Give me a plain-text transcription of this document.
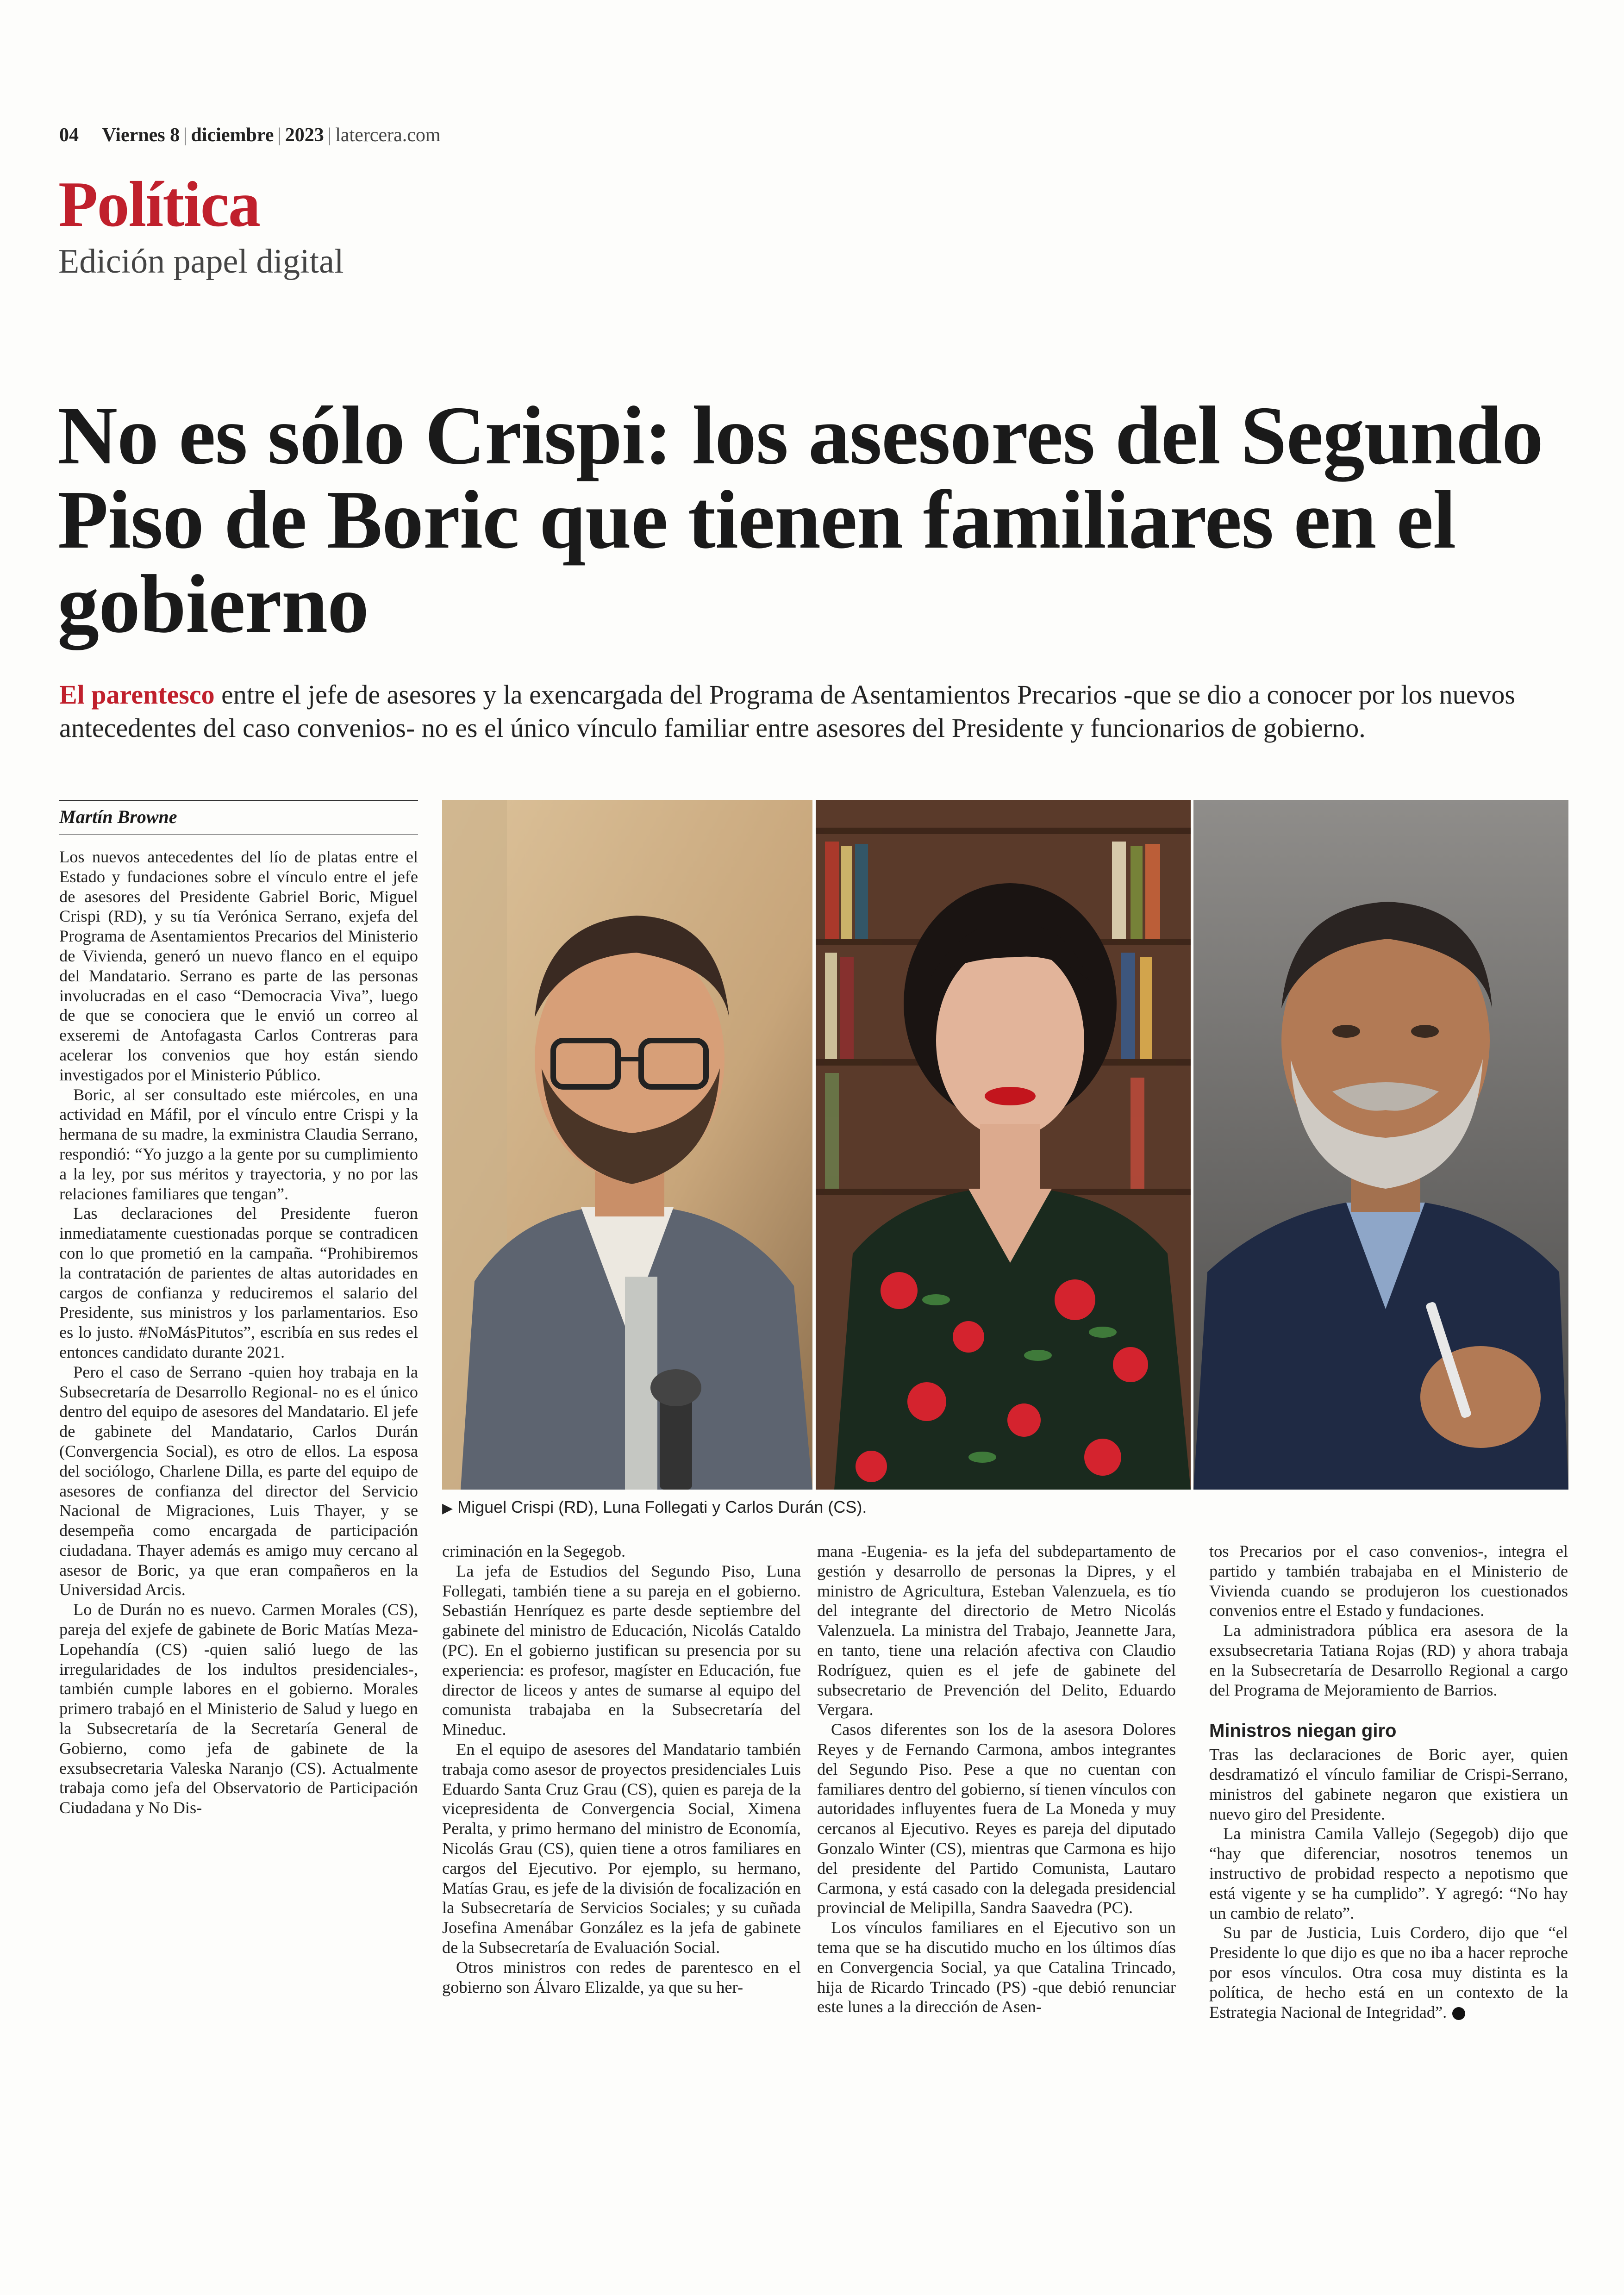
04 Viernes 8 | diciembre | 2023 | latercera.com
Política
Edición papel digital
No es sólo Crispi: los asesores del Segundo Piso de Boric que tienen familiares en el gobierno
El parentesco entre el jefe de asesores y la exencargada del Programa de Asentamientos Precarios -que se dio a conocer por los nuevos antecedentes del caso convenios- no es el único vínculo familiar entre asesores del Presidente y funcionarios de gobierno.
Martín Browne

Los nuevos antecedentes del lío de platas entre el Estado y fundaciones sobre el vínculo entre el jefe de asesores del Presidente Gabriel Boric, Miguel Crispi (RD), y su tía Verónica Serrano, exjefa del Programa de Asentamientos Precarios del Ministerio de Vivienda, generó un nuevo flanco en el equipo del Mandatario. Serrano es parte de las personas involucradas en el caso “Democracia Viva”, luego de que se conociera que le envió un correo al exseremi de Antofagasta Carlos Contreras para acelerar los convenios que hoy están siendo investigados por el Ministerio Público.

Boric, al ser consultado este miércoles, en una actividad en Máfil, por el vínculo entre Crispi y la hermana de su madre, la exministra Claudia Serrano, respondió: “Yo juzgo a la gente por su cumplimiento a la ley, por sus méritos y trayectoria, y no por las relaciones familiares que tengan”.

Las declaraciones del Presidente fueron inmediatamente cuestionadas porque se contradicen con lo que prometió en la campaña. “Prohibiremos la contratación de parientes de altas autoridades en cargos de confianza y reduciremos el salario del Presidente, sus ministros y los parlamentarios. Eso es lo justo. #NoMásPitutos”, escribía en sus redes el entonces candidato durante 2021.

Pero el caso de Serrano -quien hoy trabaja en la Subsecretaría de Desarrollo Regional- no es el único dentro del equipo de asesores del Mandatario. El jefe de gabinete del Mandatario, Carlos Durán (Convergencia Social), es otro de ellos. La esposa del sociólogo, Charlene Dilla, es parte del equipo de asesores de confianza del director del Servicio Nacional de Migraciones, Luis Thayer, y se desempeña como encargada de participación ciudadana. Thayer además es amigo muy cercano al asesor de Boric, ya que eran compañeros en la Universidad Arcis.

Lo de Durán no es nuevo. Carmen Morales (CS), pareja del exjefe de gabinete de Boric Matías Meza-Lopehandía (CS) -quien salió luego de las irregularidades de los indultos presidenciales-, también cumple labores en el gobierno. Morales primero trabajó en el Ministerio de Salud y luego en la Subsecretaría de la Secretaría General de Gobierno, como jefa de gabinete de la exsubsecretaria Valeska Naranjo (CS). Actualmente trabaja como jefa del Observatorio de Participación Ciudadana y No Dis-

▶ Miguel Crispi (RD), Luna Follegati y Carlos Durán (CS).

criminación en la Segegob.

La jefa de Estudios del Segundo Piso, Luna Follegati, también tiene a su pareja en el gobierno. Sebastián Henríquez es parte desde septiembre del gabinete del ministro de Educación, Nicolás Cataldo (PC). En el gobierno justifican su presencia por su experiencia: es profesor, magíster en Educación, fue director de liceos y antes de sumarse al equipo del comunista trabajaba en la Subsecretaría del Mineduc.

En el equipo de asesores del Mandatario también trabaja como asesor de proyectos presidenciales Luis Eduardo Santa Cruz Grau (CS), quien es pareja de la vicepresidenta de Convergencia Social, Ximena Peralta, y primo hermano del ministro de Economía, Nicolás Grau (CS), quien tiene a otros familiares en cargos del Ejecutivo. Por ejemplo, su hermano, Matías Grau, es jefe de la división de focalización en la Subsecretaría de Servicios Sociales; y su cuñada Josefina Amenábar González es la jefa de gabinete de la Subsecretaría de Evaluación Social.

Otros ministros con redes de parentesco en el gobierno son Álvaro Elizalde, ya que su her-

mana -Eugenia- es la jefa del subdepartamento de gestión y desarrollo de personas la Dipres, y el ministro de Agricultura, Esteban Valenzuela, es tío del integrante del directorio de Metro Nicolás Valenzuela. La ministra del Trabajo, Jeannette Jara, en tanto, tiene una relación afectiva con Claudio Rodríguez, quien es el jefe de gabinete del subsecretario de Prevención del Delito, Eduardo Vergara.

Casos diferentes son los de la asesora Dolores Reyes y de Fernando Carmona, ambos integrantes del Segundo Piso. Pese a que no cuentan con familiares dentro del gobierno, sí tienen vínculos con autoridades influyentes fuera de La Moneda y muy cercanos al Ejecutivo. Reyes es pareja del diputado Gonzalo Winter (CS), mientras que Carmona es hijo del presidente del Partido Comunista, Lautaro Carmona, y está casado con la delegada presidencial provincial de Melipilla, Sandra Saavedra (PC).

Los vínculos familiares en el Ejecutivo son un tema que se ha discutido mucho en los últimos días en Convergencia Social, ya que Catalina Trincado, hija de Ricardo Trincado (PS) -que debió renunciar este lunes a la dirección de Asen-

tos Precarios por el caso convenios-, integra el partido y también trabajaba en el Ministerio de Vivienda cuando se produjeron los cuestionados convenios entre el Estado y fundaciones.

La administradora pública era asesora de la exsubsecretaria Tatiana Rojas (RD) y ahora trabaja en la Subsecretaría de Desarrollo Regional a cargo del Programa de Mejoramiento de Barrios.

Ministros niegan giro

Tras las declaraciones de Boric ayer, quien desdramatizó el vínculo familiar de Crispi-Serrano, ministros del gabinete negaron que existiera un nuevo giro del Presidente.

La ministra Camila Vallejo (Segegob) dijo que “hay que diferenciar, nosotros tenemos un instructivo de probidad respecto a nepotismo que está vigente y se ha cumplido”. Y agregó: “No hay un cambio de relato”.

Su par de Justicia, Luis Cordero, dijo que “el Presidente lo que dijo es que no iba a hacer reproche por esos vínculos. Otra cosa muy distinta es la política, de hecho está en un contexto de la Estrategia Nacional de Integridad”.
